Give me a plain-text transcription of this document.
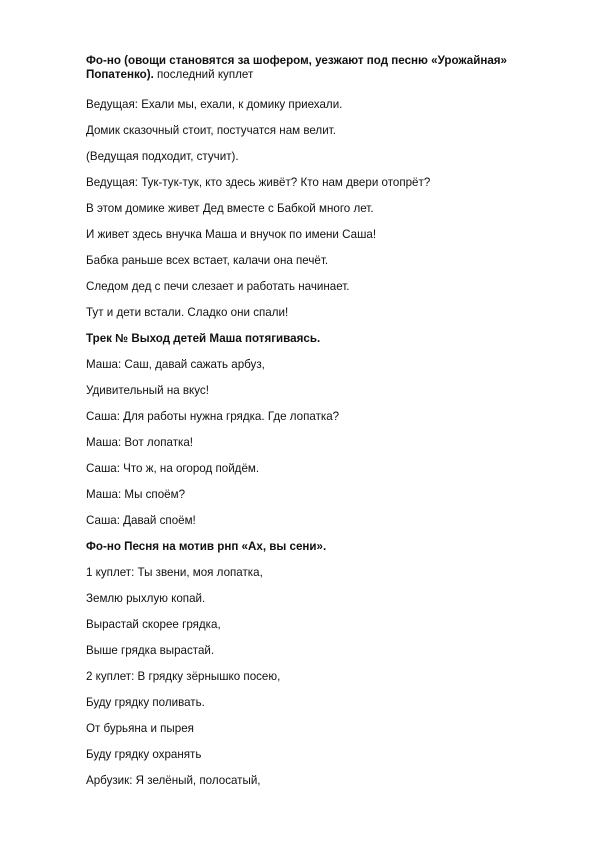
Фо-но (овощи становятся за шофером, уезжают под песню «Урожайная»
Попатенко). последний куплет
Ведущая: Ехали мы, ехали, к домику приехали.
Домик сказочный стоит, постучатся нам велит.
(Ведущая подходит, стучит).
Ведущая: Тук-тук-тук, кто здесь живёт? Кто нам двери отопрёт?
В этом домике живет Дед вместе с Бабкой много лет.
И живет здесь внучка Маша и внучок по имени Саша!
Бабка раньше всех встает, калачи она печёт.
Следом дед с печи слезает и работать начинает.
Тут и дети встали. Сладко они спали!
Трек № Выход детей Маша потягиваясь.
Маша: Саш, давай сажать арбуз,
Удивительный на вкус!
Саша: Для работы нужна грядка. Где лопатка?
Маша: Вот лопатка!
Саша: Что ж, на огород пойдём.
Маша: Мы споём?
Саша: Давай споём!
Фо-но Песня на мотив рнп «Ах, вы сени».
1 куплет: Ты звени, моя лопатка,
Землю рыхлую копай.
Вырастай скорее грядка,
Выше грядка вырастай.
2 куплет: В грядку зёрнышко посею,
Буду грядку поливать.
От бурьяна и пырея
Буду грядку охранять
Арбузик: Я зелёный, полосатый,
